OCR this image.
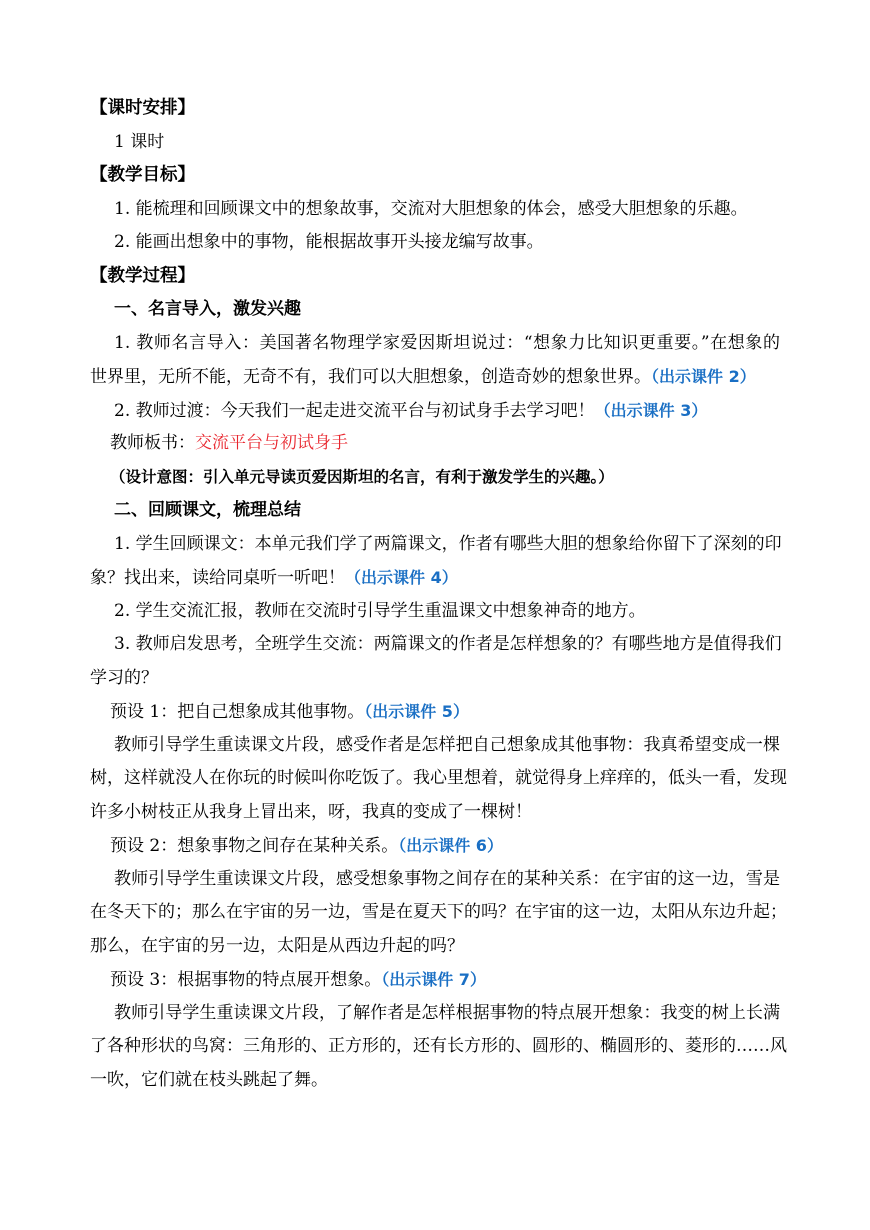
【课时安排】

1 课时

【教学目标】

1. 能梳理和回顾课文中的想象故事，交流对大胆想象的体会，感受大胆想象的乐趣。

2. 能画出想象中的事物，能根据故事开头接龙编写故事。

【教学过程】

一、名言导入，激发兴趣

1. 教师名言导入：美国著名物理学家爱因斯坦说过：“想象力比知识更重要。”在想象的

世界里，无所不能，无奇不有，我们可以大胆想象，创造奇妙的想象世界。（出示课件 2）

2. 教师过渡：今天我们一起走进交流平台与初试身手去学习吧！（出示课件 3）

教师板书：交流平台与初试身手

（设计意图：引入单元导读页爱因斯坦的名言，有利于激发学生的兴趣。）

二、回顾课文，梳理总结

1. 学生回顾课文：本单元我们学了两篇课文，作者有哪些大胆的想象给你留下了深刻的印

象？找出来，读给同桌听一听吧！（出示课件 4）

2. 学生交流汇报，教师在交流时引导学生重温课文中想象神奇的地方。

3. 教师启发思考，全班学生交流：两篇课文的作者是怎样想象的？有哪些地方是值得我们

学习的？

预设 1：把自己想象成其他事物。（出示课件 5）

教师引导学生重读课文片段，感受作者是怎样把自己想象成其他事物：我真希望变成一棵

树，这样就没人在你玩的时候叫你吃饭了。我心里想着，就觉得身上痒痒的，低头一看，发现

许多小树枝正从我身上冒出来，呀，我真的变成了一棵树！

预设 2：想象事物之间存在某种关系。（出示课件 6）

教师引导学生重读课文片段，感受想象事物之间存在的某种关系：在宇宙的这一边，雪是

在冬天下的；那么在宇宙的另一边，雪是在夏天下的吗？在宇宙的这一边，太阳从东边升起；

那么，在宇宙的另一边，太阳是从西边升起的吗？

预设 3：根据事物的特点展开想象。（出示课件 7）

教师引导学生重读课文片段，了解作者是怎样根据事物的特点展开想象：我变的树上长满

了各种形状的鸟窝：三角形的、正方形的，还有长方形的、圆形的、椭圆形的、菱形的……风

一吹，它们就在枝头跳起了舞。
